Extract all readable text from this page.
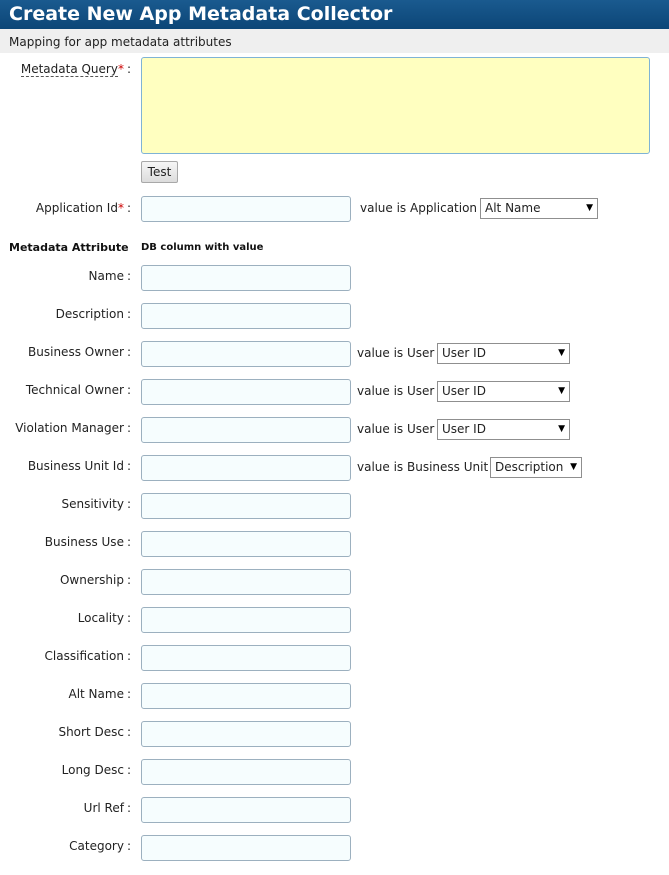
Create New App Metadata Collector
Mapping for app metadata attributes
Metadata Query* :
Test
Application Id* :	value is Application Alt Name	▼
Metadata Attribute DB column with value
Name :
Description :
Business Owner :	value is User User ID	▼
Technical Owner :	value is User User ID	▼
Violation Manager :	value is User User ID	▼
Business Unit Id :	value is Business Unit Description ▼
Sensitivity :
Business Use :
Ownership :
Locality :
Classification :
Alt Name :
Short Desc :
Long Desc :
Url Ref :
Category :
